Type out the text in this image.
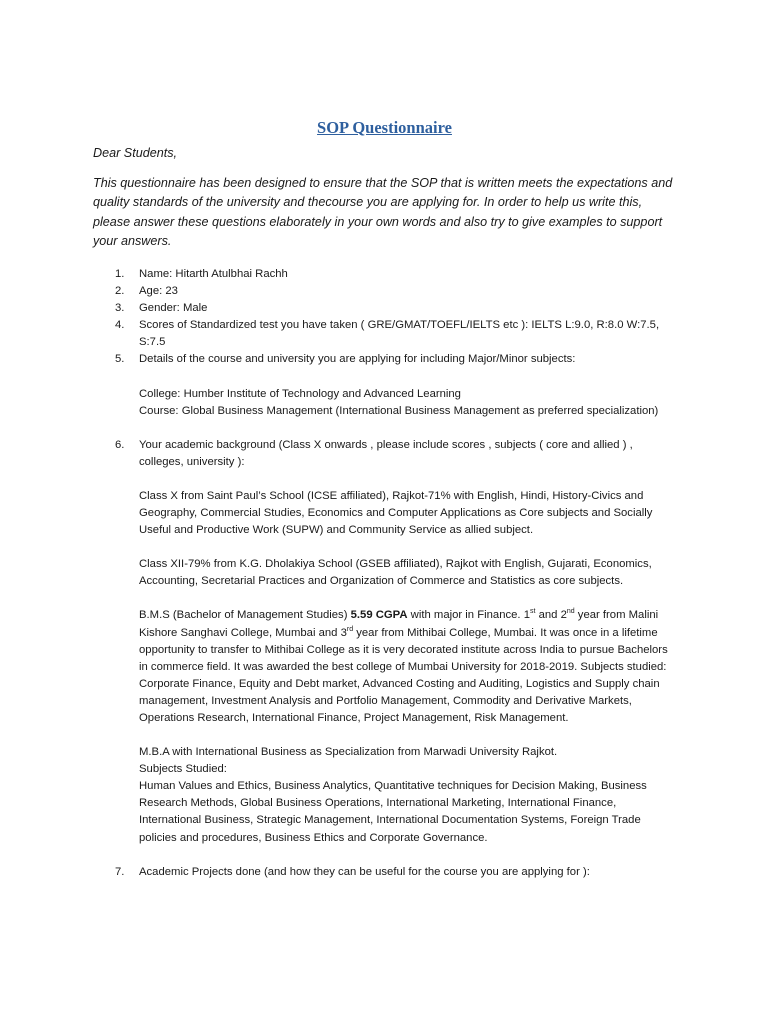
SOP Questionnaire

Dear Students,

This questionnaire has been designed to ensure that the SOP that is written meets the expectations and quality standards of the university and thecourse you are applying for. In order to help us write this, please answer these questions elaborately in your own words and also try to give examples to support your answers.

1. Name: Hitarth Atulbhai Rachh
2. Age: 23
3. Gender: Male
4. Scores of Standardized test you have taken ( GRE/GMAT/TOEFL/IELTS etc ): IELTS L:9.0, R:8.0 W:7.5, S:7.5
5. Details of the course and university you are applying for including Major/Minor subjects:
College: Humber Institute of Technology and Advanced Learning
Course: Global Business Management (International Business Management as preferred specialization)
6. Your academic background (Class X onwards , please include scores , subjects ( core and allied ) , colleges, university ):
Class X from Saint Paul’s School (ICSE affiliated), Rajkot-71% with English, Hindi, History-Civics and Geography, Commercial Studies, Economics and Computer Applications as Core subjects and Socially Useful and Productive Work (SUPW) and Community Service as allied subject.
Class XII-79% from K.G. Dholakiya School (GSEB affiliated), Rajkot with English, Gujarati, Economics, Accounting, Secretarial Practices and Organization of Commerce and Statistics as core subjects.
B.M.S (Bachelor of Management Studies) 5.59 CGPA with major in Finance. 1st and 2nd year from Malini Kishore Sanghavi College, Mumbai and 3rd year from Mithibai College, Mumbai. It was once in a lifetime opportunity to transfer to Mithibai College as it is very decorated institute across India to pursue Bachelors in commerce field. It was awarded the best college of Mumbai University for 2018-2019. Subjects studied:
Corporate Finance, Equity and Debt market, Advanced Costing and Auditing, Logistics and Supply chain management, Investment Analysis and Portfolio Management, Commodity and Derivative Markets, Operations Research, International Finance, Project Management, Risk Management.
M.B.A with International Business as Specialization from Marwadi University Rajkot.
Subjects Studied:
Human Values and Ethics, Business Analytics, Quantitative techniques for Decision Making, Business Research Methods, Global Business Operations, International Marketing, International Finance, International Business, Strategic Management, International Documentation Systems, Foreign Trade policies and procedures, Business Ethics and Corporate Governance.
7. Academic Projects done (and how they can be useful for the course you are applying for ):
